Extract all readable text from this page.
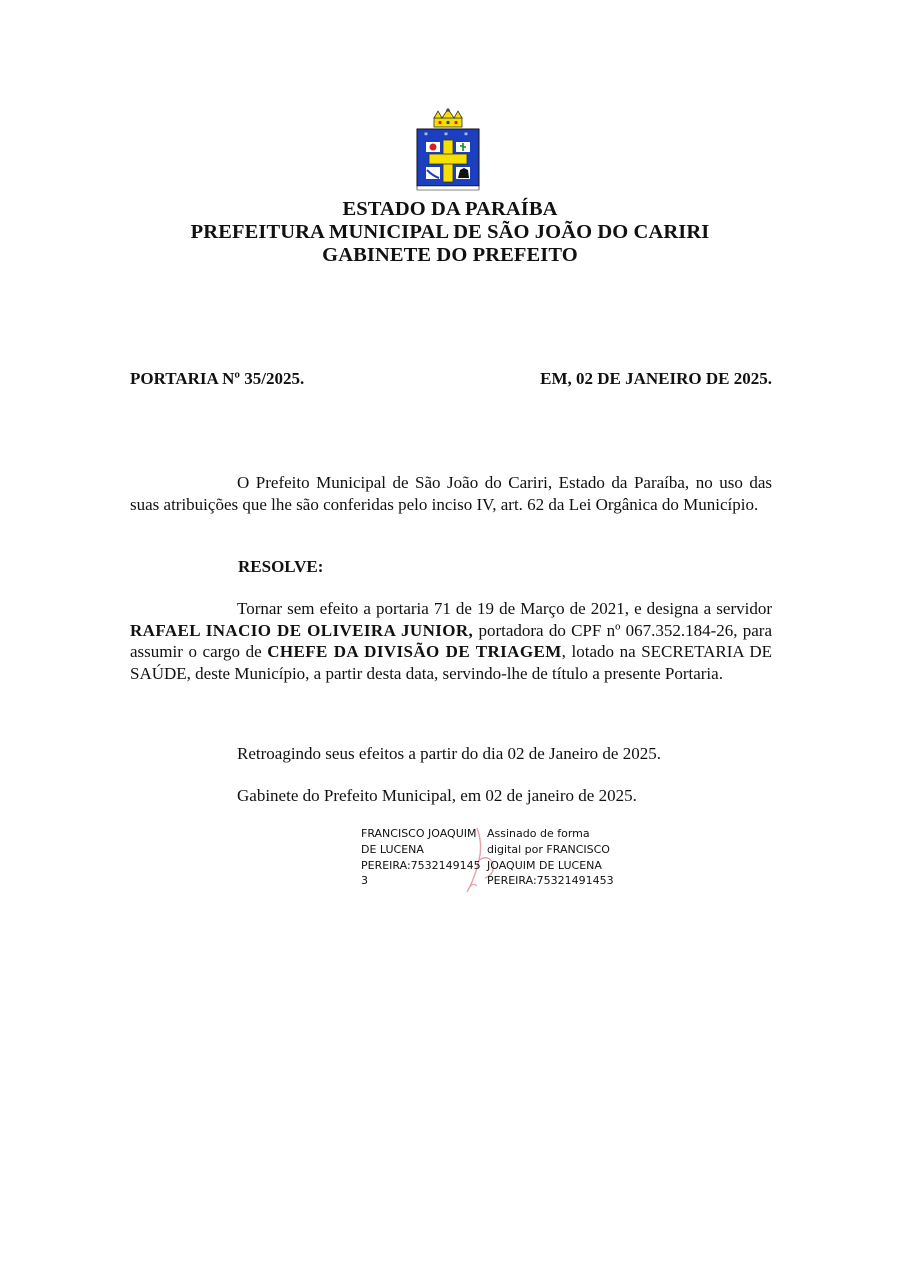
* * *
ESTADO DA PARAÍBA
PREFEITURA MUNICIPAL DE SÃO JOÃO DO CARIRI
GABINETE DO PREFEITO
PORTARIA Nº 35/2025.	EM, 02 DE JANEIRO DE 2025.
O Prefeito Municipal de São João do Cariri, Estado da Paraíba, no uso das suas atribuições que lhe são conferidas pelo inciso IV, art. 62 da Lei Orgânica do Município.
RESOLVE:
Tornar sem efeito a portaria 71 de 19 de Março de 2021, e designa a servidor RAFAEL INACIO DE OLIVEIRA JUNIOR, portadora do CPF nº 067.352.184-26, para assumir o cargo de CHEFE DA DIVISÃO DE TRIAGEM, lotado na SECRETARIA DE SAÚDE, deste Município, a partir desta data, servindo-lhe de título a presente Portaria.
Retroagindo seus efeitos a partir do dia 02 de Janeiro de 2025.
Gabinete do Prefeito Municipal, em 02 de janeiro de 2025.
FRANCISCO JOAQUIM
DE LUCENA
PEREIRA:7532149145
3
Assinado de forma
digital por FRANCISCO
JOAQUIM DE LUCENA
PEREIRA:75321491453
